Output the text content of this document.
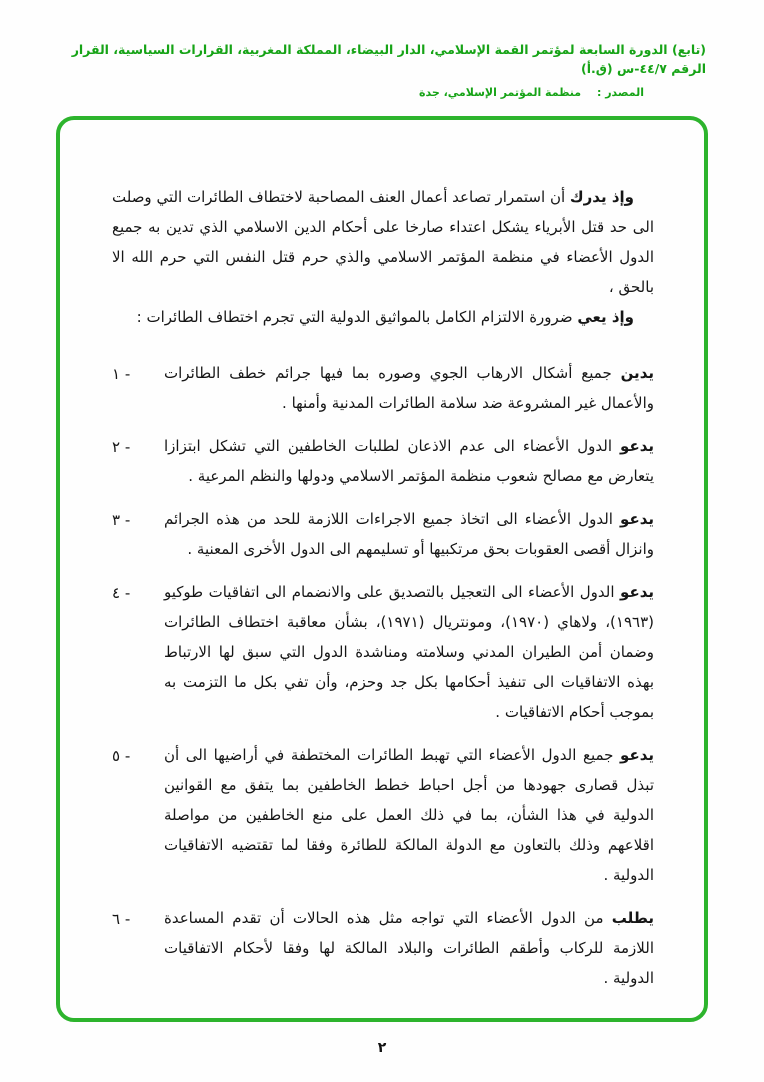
(تابع) الدورة السابعة لمؤتمر القمة الإسلامي، الدار البيضاء، المملكة المغربية، القرارات السياسية، القرار الرقم ٤٤/٧-س (ق.أ)
المصدر : منظمة المؤتمر الإسلامي، جدة

وإذ يدرك أن استمرار تصاعد أعمال العنف المصاحبة لاختطاف الطائرات التي وصلت الى حد قتل الأبرياء يشكل اعتداء صارخا على أحكام الدين الاسلامي الذي تدين به جميع الدول الأعضاء في منظمة المؤتمر الاسلامي والذي حرم قتل النفس التي حرم الله الا بالحق ،

وإذ يعي ضرورة الالتزام الكامل بالمواثيق الدولية التي تجرم اختطاف الطائرات :

١ -	يدين جميع أشكال الارهاب الجوي وصوره بما فيها جرائم خطف الطائرات والأعمال غير المشروعة ضد سلامة الطائرات المدنية وأمنها .
٢ -	يدعو الدول الأعضاء الى عدم الاذعان لطلبات الخاطفين التي تشكل ابتزازا يتعارض مع مصالح شعوب منظمة المؤتمر الاسلامي ودولها والنظم المرعية .
٣ -	يدعو الدول الأعضاء الى اتخاذ جميع الاجراءات اللازمة للحد من هذه الجرائم وانزال أقصى العقوبات بحق مرتكبيها أو تسليمهم الى الدول الأخرى المعنية .
٤ -	يدعو الدول الأعضاء الى التعجيل بالتصديق على والانضمام الى اتفاقيات طوكيو (١٩٦٣)، ولاهاي (١٩٧٠)، ومونتريال (١٩٧١)، بشأن معاقبة اختطاف الطائرات وضمان أمن الطيران المدني وسلامته ومناشدة الدول التي سبق لها الارتباط بهذه الاتفاقيات الى تنفيذ أحكامها بكل جد وحزم، وأن تفي بكل ما التزمت به بموجب أحكام الاتفاقيات .
٥ -	يدعو جميع الدول الأعضاء التي تهبط الطائرات المختطفة في أراضيها الى أن تبذل قصارى جهودها من أجل احباط خطط الخاطفين بما يتفق مع القوانين الدولية في هذا الشأن، بما في ذلك العمل على منع الخاطفين من مواصلة اقلاعهم وذلك بالتعاون مع الدولة المالكة للطائرة وفقا لما تقتضيه الاتفاقيات الدولية .
٦ -	يطلب من الدول الأعضاء التي تواجه مثل هذه الحالات أن تقدم المساعدة اللازمة للركاب وأطقم الطائرات والبلاد المالكة لها وفقا لأحكام الاتفاقيات الدولية .
٢
